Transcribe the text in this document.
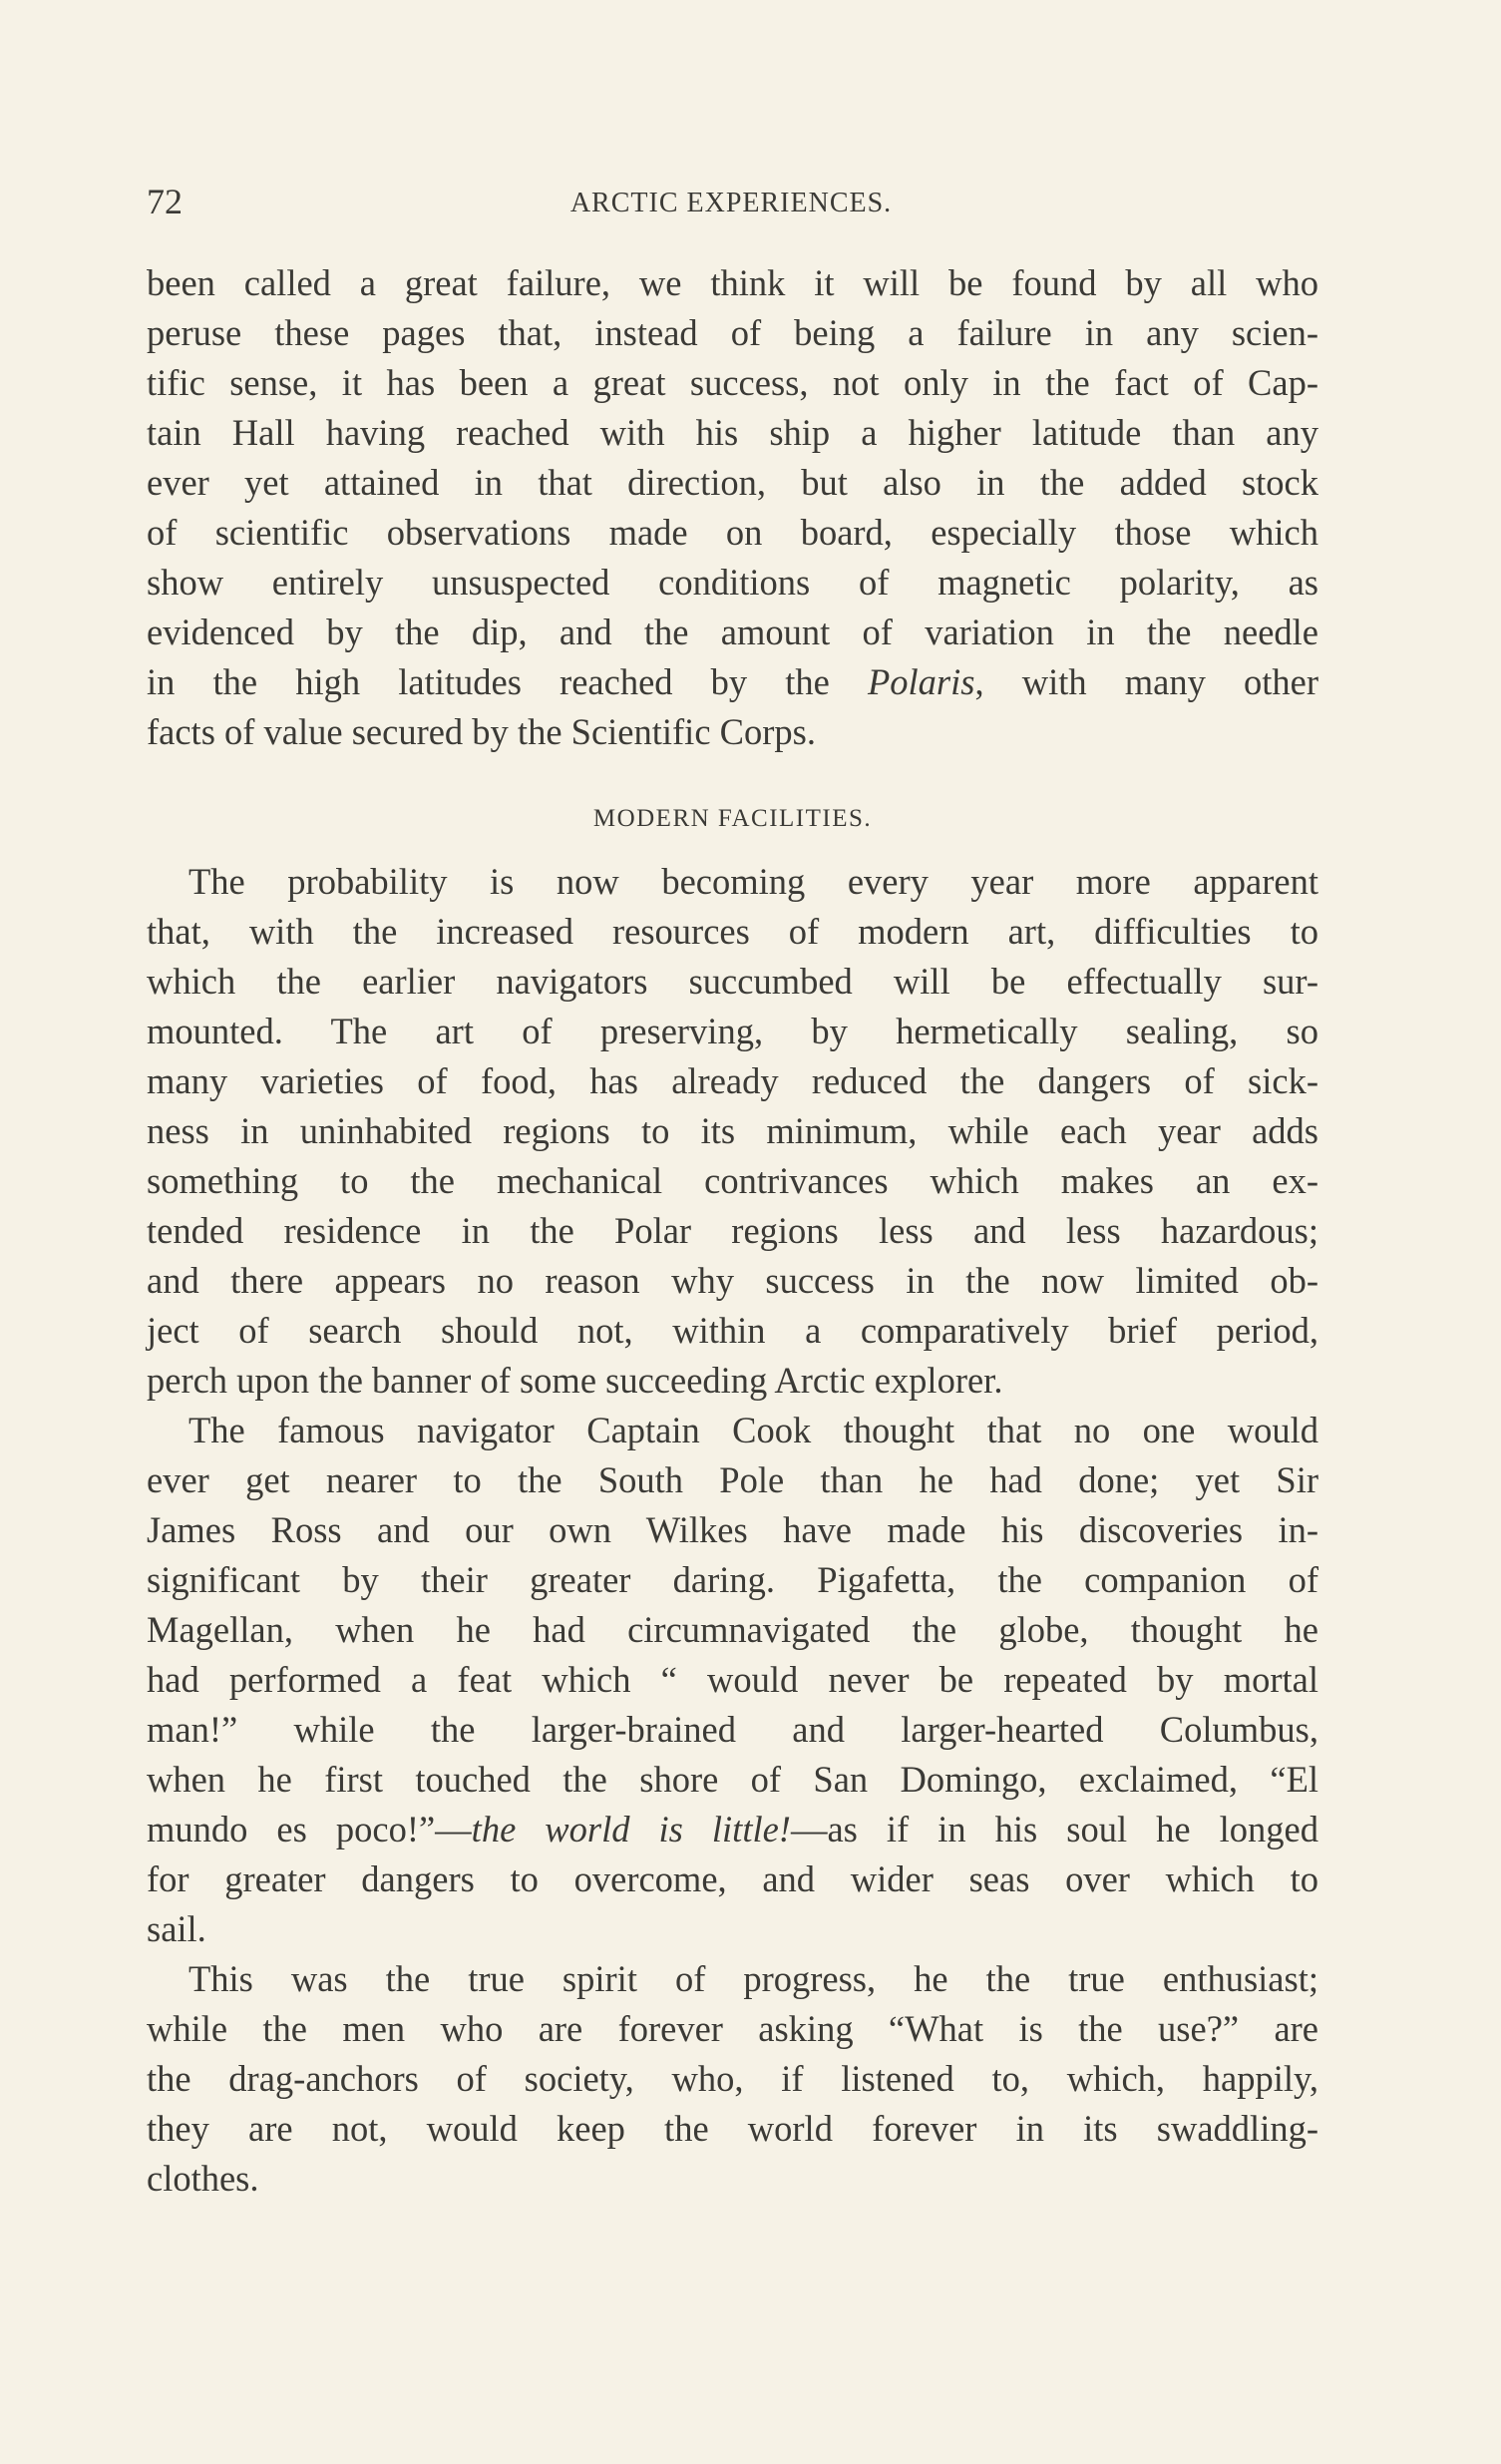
72	ARCTIC EXPERIENCES.
been called a great failure, we think it will be found by all who
peruse these pages that, instead of being a failure in any scien-
tific sense, it has been a great success, not only in the fact of Cap-
tain Hall having reached with his ship a higher latitude than any
ever yet attained in that direction, but also in the added stock
of scientific observations made on board, especially those which
show entirely unsuspected conditions of magnetic polarity, as
evidenced by the dip, and the amount of variation in the needle
in the high latitudes reached by the Polaris, with many other
facts of value secured by the Scientific Corps.
MODERN FACILITIES.
The probability is now becoming every year more apparent
that, with the increased resources of modern art, difficulties to
which the earlier navigators succumbed will be effectually sur-
mounted. The art of preserving, by hermetically sealing, so
many varieties of food, has already reduced the dangers of sick-
ness in uninhabited regions to its minimum, while each year adds
something to the mechanical contrivances which makes an ex-
tended residence in the Polar regions less and less hazardous;
and there appears no reason why success in the now limited ob-
ject of search should not, within a comparatively brief period,
perch upon the banner of some succeeding Arctic explorer.
The famous navigator Captain Cook thought that no one would
ever get nearer to the South Pole than he had done; yet Sir
James Ross and our own Wilkes have made his discoveries in-
significant by their greater daring. Pigafetta, the companion of
Magellan, when he had circumnavigated the globe, thought he
had performed a feat which “ would never be repeated by mortal
man!” while the larger-brained and larger-hearted Columbus,
when he first touched the shore of San Domingo, exclaimed, “El
mundo es poco!”—the world is little!—as if in his soul he longed
for greater dangers to overcome, and wider seas over which to
sail.
This was the true spirit of progress, he the true enthusiast;
while the men who are forever asking “What is the use?” are
the drag-anchors of society, who, if listened to, which, happily,
they are not, would keep the world forever in its swaddling-
clothes.
